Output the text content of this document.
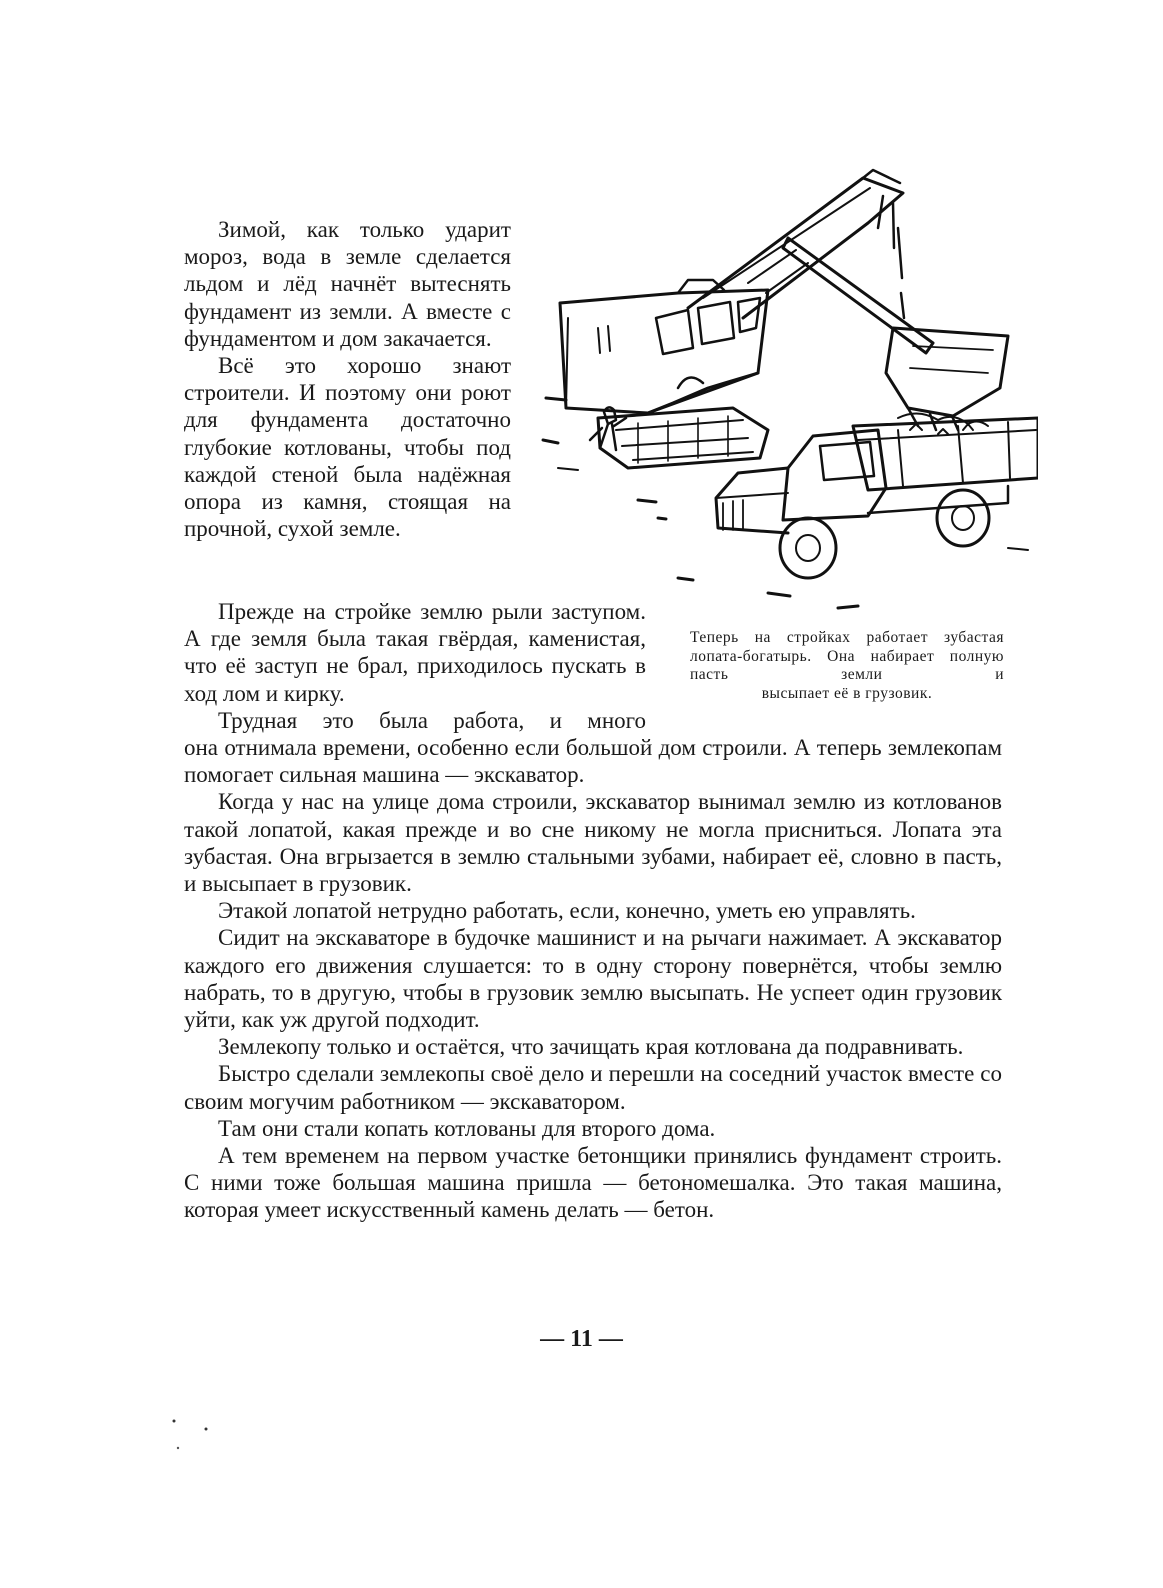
Зимой, как только ударит мороз, вода в земле сделается льдом и лёд начнёт вытеснять фундамент из земли. А вместе с фундаментом и дом закачается.

Всё это хорошо знают строители. И поэтому они роют для фундамента достаточно глубокие котлованы, чтобы под каждой стеной была надёжная опора из камня, стоящая на прочной, сухой земле.

Прежде на стройке землю рыли заступом. А где земля была такая гвёрдая, каменистая, что её заступ не брал, приходилось пускать в ход лом и кирку.

Трудная это была работа, и много

она отнимала времени, особенно если большой дом строили. А теперь землекопам помогает сильная машина — экскаватор.

Когда у нас на улице дома строили, экскаватор вынимал землю из котлованов такой лопатой, какая прежде и во сне никому не могла присниться. Лопата эта зубастая. Она вгрызается в землю стальными зубами, набирает её, словно в пасть, и высыпает в грузовик.

Этакой лопатой нетрудно работать, если, конечно, уметь ею управлять.

Сидит на экскаваторе в будочке машинист и на рычаги нажимает. А экскаватор каждого его движения слушается: то в одну сторону повернётся, чтобы землю набрать, то в другую, чтобы в грузовик землю высыпать. Не успеет один грузовик уйти, как уж другой подходит.

Землекопу только и остаётся, что зачищать края котлована да подравнивать.

Быстро сделали землекопы своё дело и перешли на соседний участок вместе со своим могучим работником — экскаватором.

Там они стали копать котлованы для второго дома.

А тем временем на первом участке бетонщики принялись фундамент строить. С ними тоже большая машина пришла — бетономешалка. Это такая машина, которая умеет искусственный камень делать — бетон.

Теперь на стройках работает зубастая лопата-богатырь. Она набирает полную пасть земли и
высыпает её в грузовик.
— 11 —
